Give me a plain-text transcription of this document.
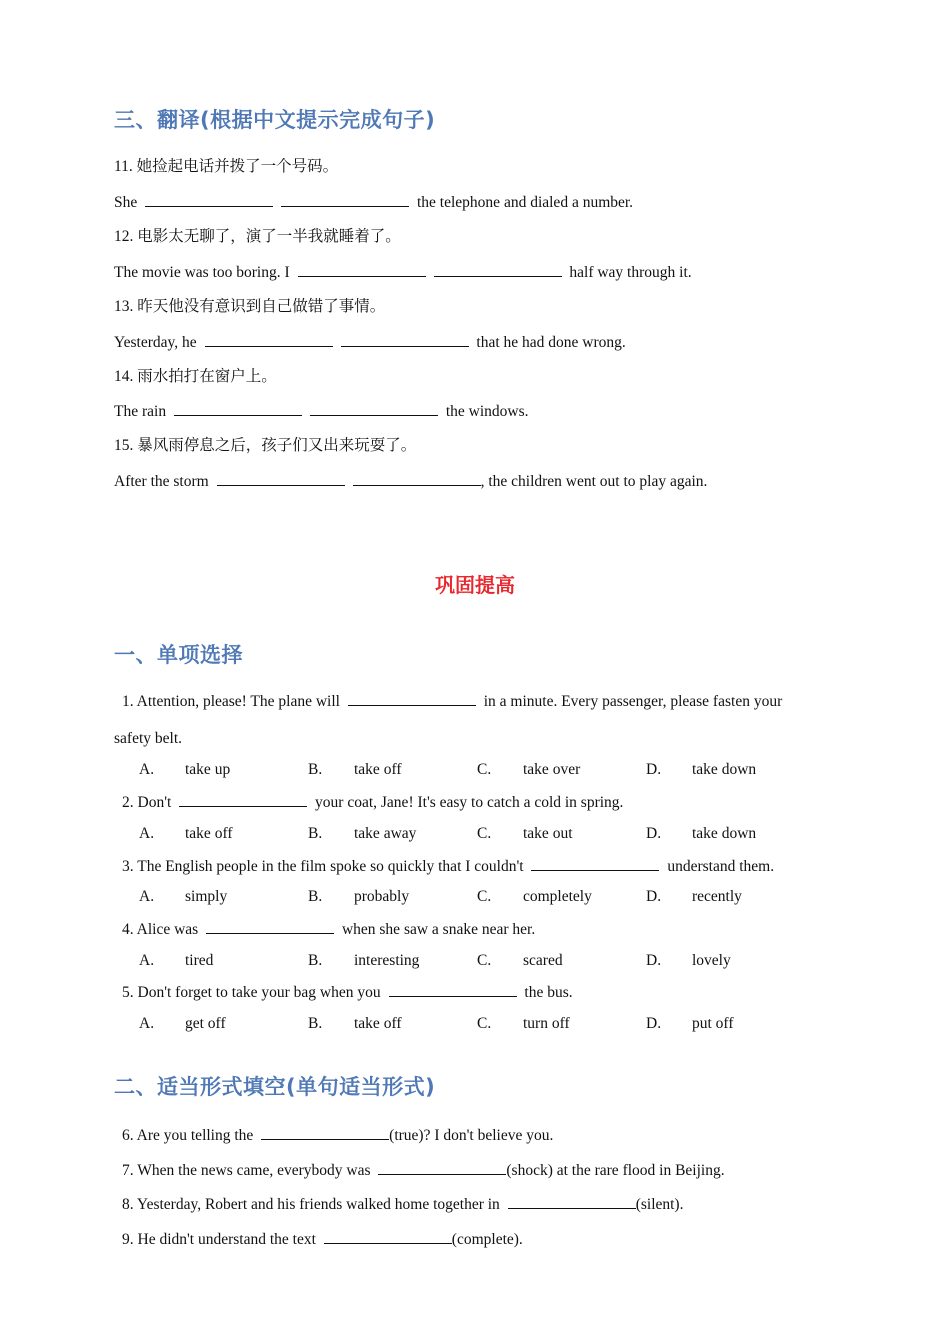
三、翻译(根据中文提示完成句子)
11. 她捡起电话并拨了一个号码。
She	the telephone and dialed a number.
12. 电影太无聊了，演了一半我就睡着了。
The movie was too boring. I	half way through it.
13. 昨天他没有意识到自己做错了事情。
Yesterday, he	that he had done wrong.
14. 雨水拍打在窗户上。
The rain	the windows.
15. 暴风雨停息之后，孩子们又出来玩耍了。
After the storm	, the children went out to play again.
巩固提高
一、单项选择
1. Attention, please! The plane will	in a minute. Every passenger, please fasten your
safety belt.
A. take up	B. take off	C. take over	D. take down
2. Don't	your coat, Jane! It's easy to catch a cold in spring.
A. take off	B. take away	C. take out	D. take down
3. The English people in the film spoke so quickly that I couldn't	understand them.
A. simply	B. probably	C. completely	D. recently
4. Alice was	when she saw a snake near her.
A. tired	B. interesting	C. scared	D. lovely
5. Don't forget to take your bag when you	the bus.
A. get off	B. take off	C. turn off	D. put off
二、适当形式填空(单句适当形式)
6. Are you telling the	(true)? I don't believe you.
7. When the news came, everybody was	(shock) at the rare flood in Beijing.
8. Yesterday, Robert and his friends walked home together in	(silent).
9. He didn't understand the text	(complete).
